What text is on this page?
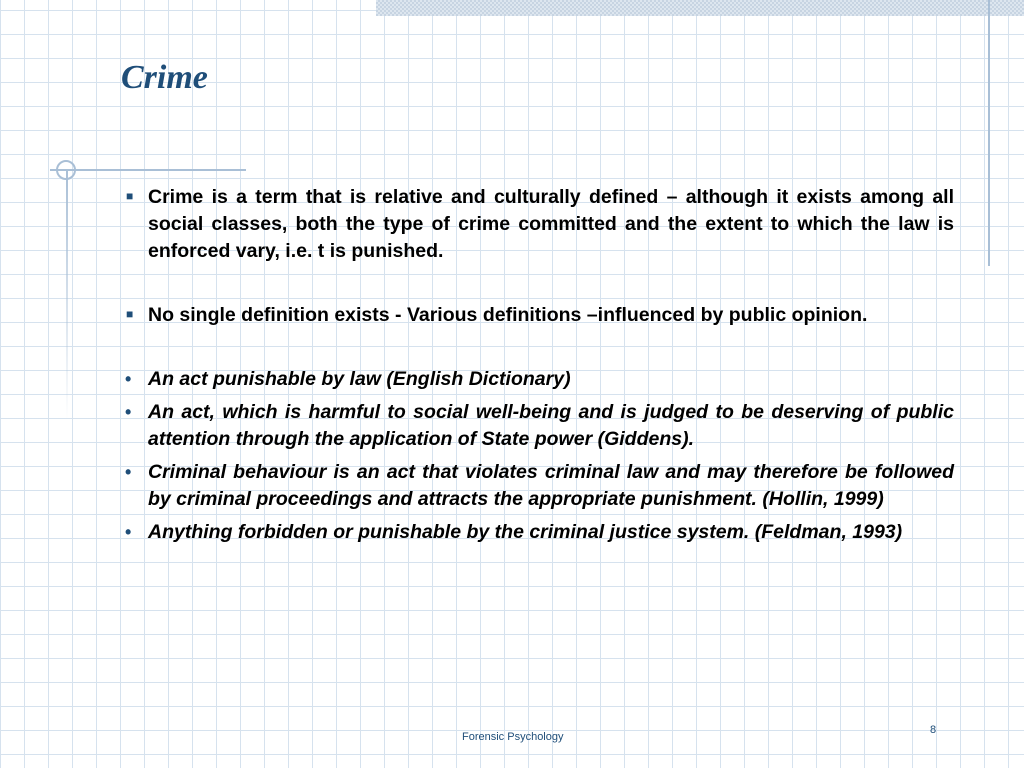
Crime
■ Crime is a term that is relative and culturally defined – although it exists among all social classes, both the type of crime committed and the extent to which the law is enforced vary, i.e. t is punished.
■ No single definition exists - Various definitions –influenced by public opinion.
• An act punishable by law (English Dictionary)
• An act, which is harmful to social well-being and is judged to be deserving of public attention through the application of State power (Giddens).
• Criminal behaviour is an act that violates criminal law and may therefore be followed by criminal proceedings and attracts the appropriate punishment. (Hollin, 1999)
• Anything forbidden or punishable by the criminal justice system. (Feldman, 1993)
Forensic Psychology
8
